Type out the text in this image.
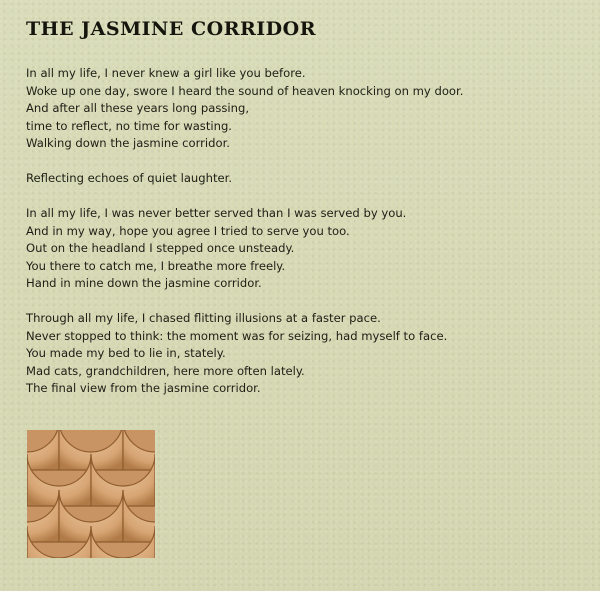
THE JASMINE CORRIDOR
In all my life, I never knew a girl like you before.
Woke up one day, swore I heard the sound of heaven knocking on my door.
And after all these years long passing,
time to reflect, no time for wasting.
Walking down the jasmine corridor.
Reflecting echoes of quiet laughter.
In all my life, I was never better served than I was served by you.
And in my way, hope you agree I tried to serve you too.
Out on the headland I stepped once unsteady.
You there to catch me, I breathe more freely.
Hand in mine down the jasmine corridor.
Through all my life, I chased flitting illusions at a faster pace.
Never stopped to think: the moment was for seizing, had myself to face.
You made my bed to lie in, stately.
Mad cats, grandchildren, here more often lately.
The final view from the jasmine corridor.
